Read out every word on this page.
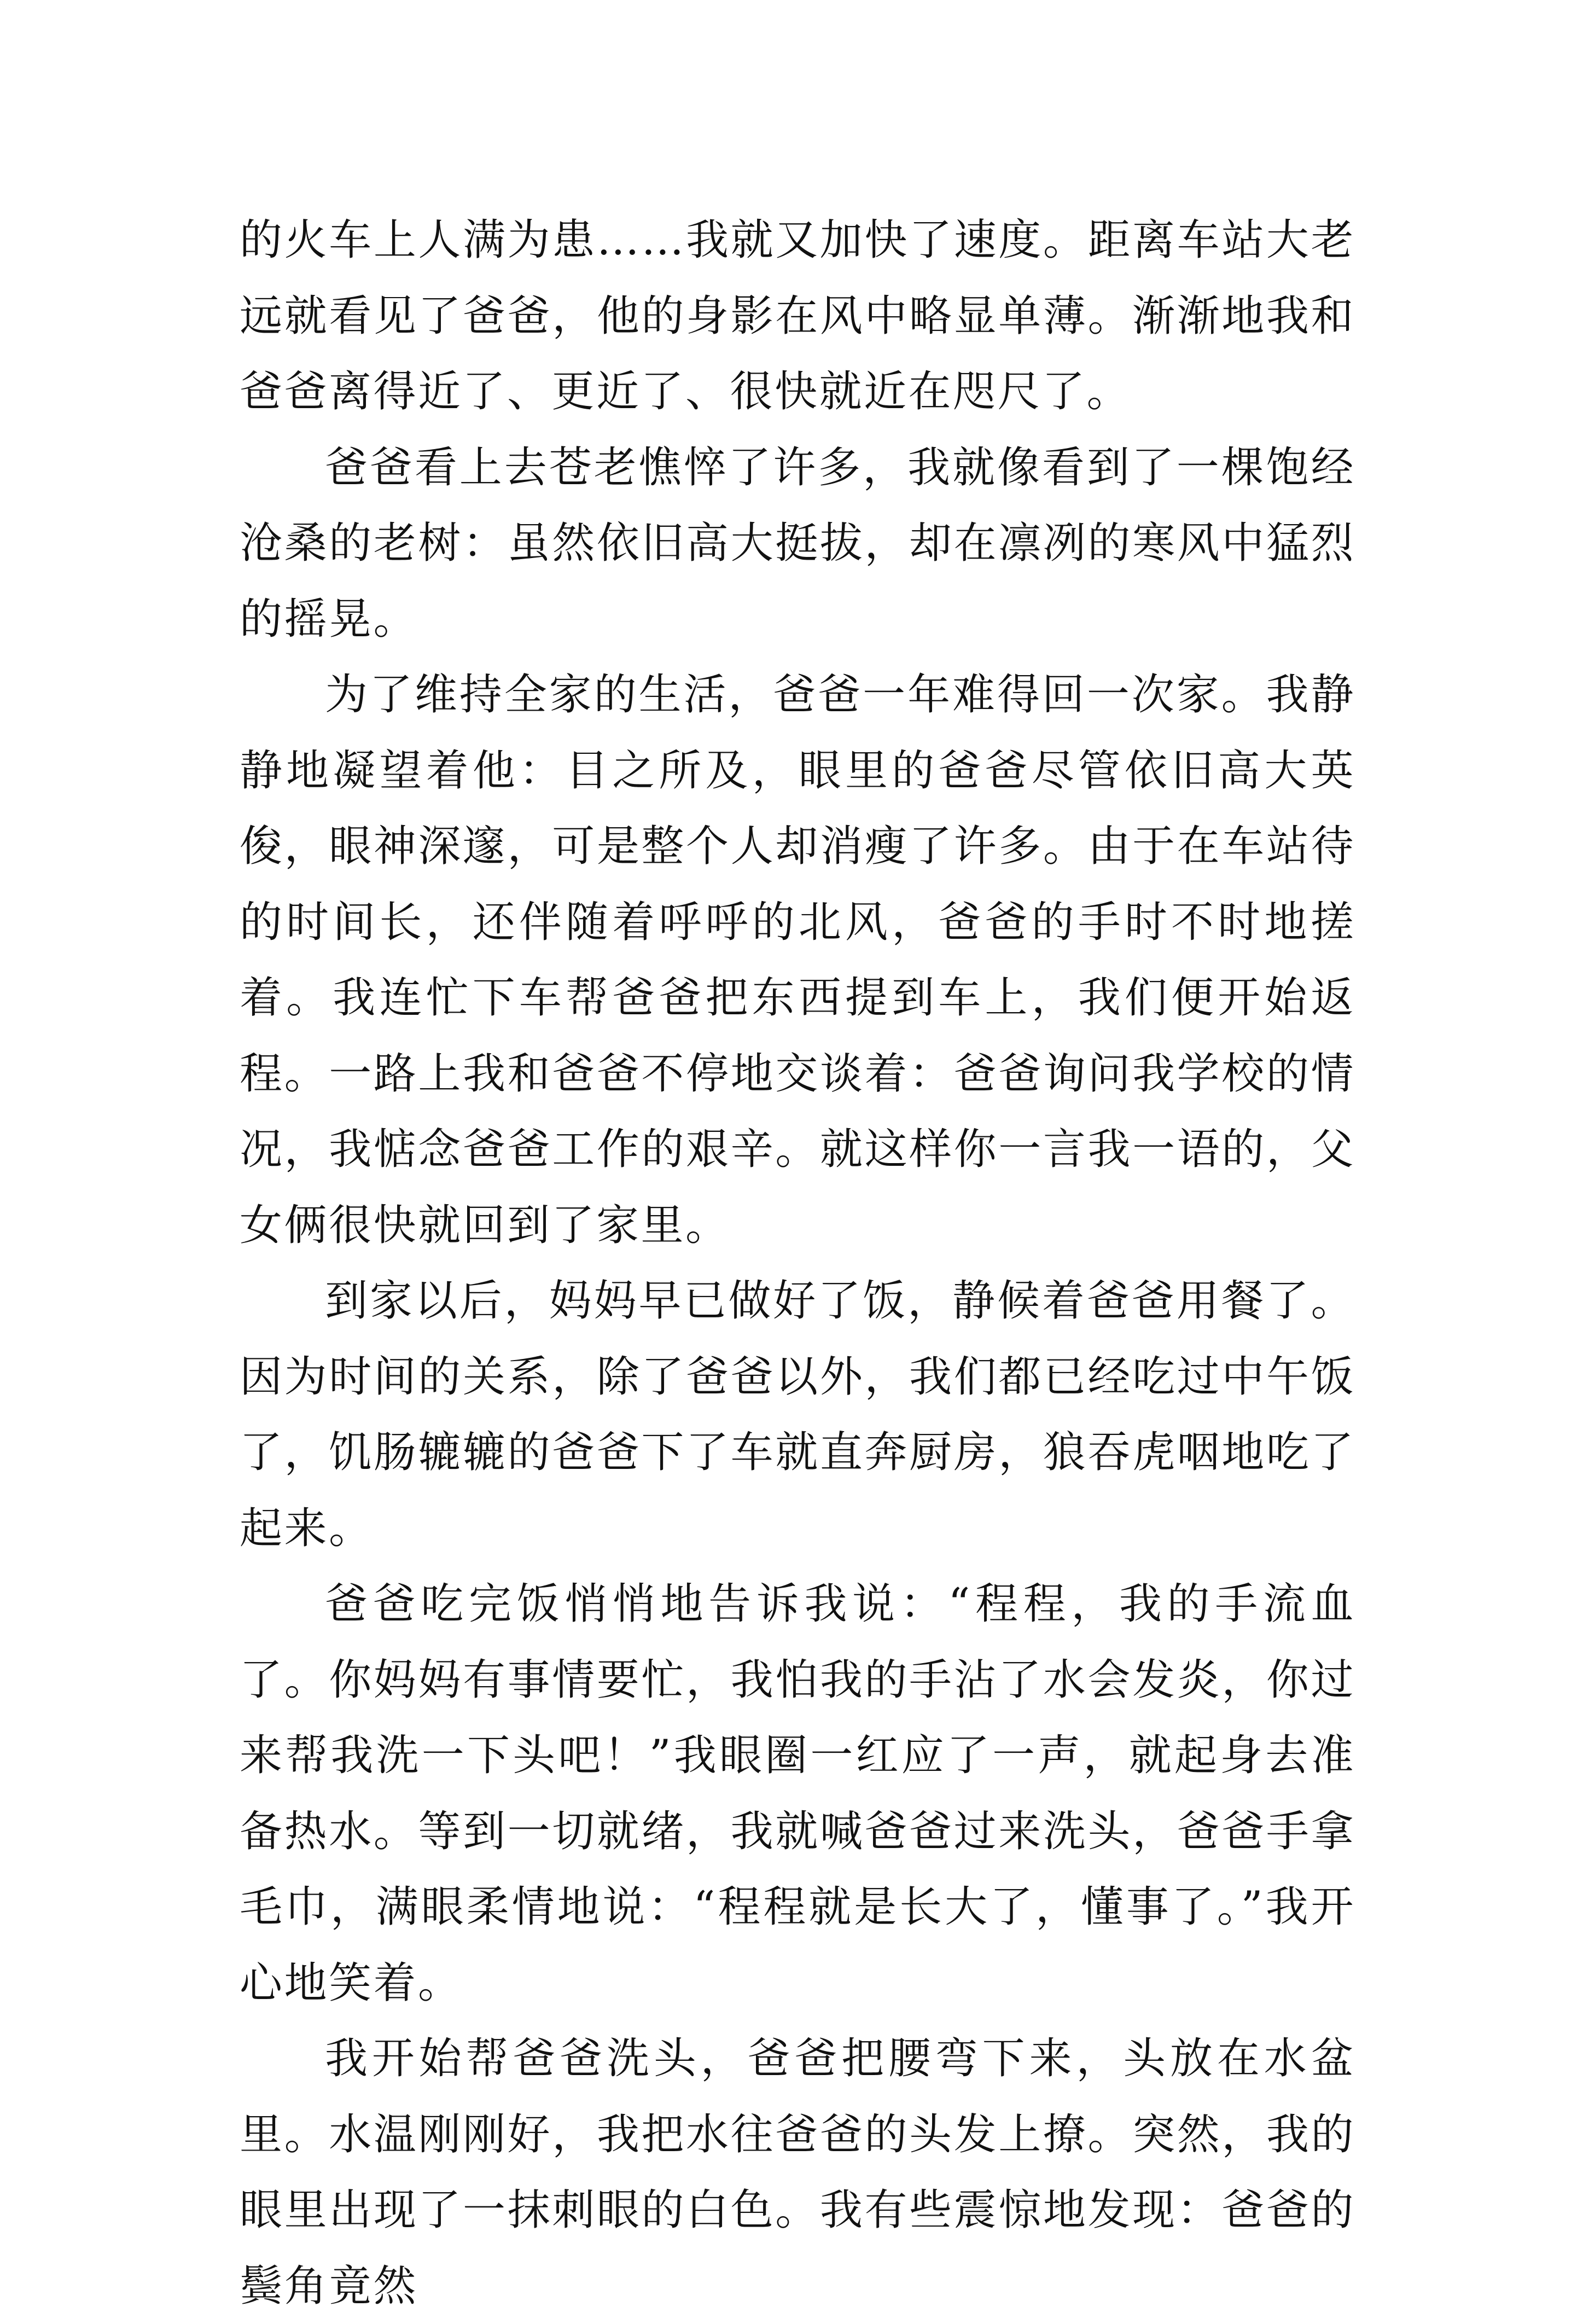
的火车上人满为患……我就又加快了速度。距离车站大老远就看见了爸爸，他的身影在风中略显单薄。渐渐地我和爸爸离得近了、更近了、很快就近在咫尺了。

爸爸看上去苍老憔悴了许多，我就像看到了一棵饱经沧桑的老树：虽然依旧高大挺拔，却在凛冽的寒风中猛烈的摇晃。

为了维持全家的生活，爸爸一年难得回一次家。我静静地凝望着他：目之所及，眼里的爸爸尽管依旧高大英俊，眼神深邃，可是整个人却消瘦了许多。由于在车站待的时间长，还伴随着呼呼的北风，爸爸的手时不时地搓着。我连忙下车帮爸爸把东西提到车上，我们便开始返程。一路上我和爸爸不停地交谈着：爸爸询问我学校的情况，我惦念爸爸工作的艰辛。就这样你一言我一语的，父女俩很快就回到了家里。

到家以后，妈妈早已做好了饭，静候着爸爸用餐了。因为时间的关系，除了爸爸以外，我们都已经吃过中午饭了，饥肠辘辘的爸爸下了车就直奔厨房，狼吞虎咽地吃了起来。

爸爸吃完饭悄悄地告诉我说：“程程，我的手流血了。你妈妈有事情要忙，我怕我的手沾了水会发炎，你过来帮我洗一下头吧！”我眼圈一红应了一声，就起身去准备热水。等到一切就绪，我就喊爸爸过来洗头，爸爸手拿毛巾，满眼柔情地说：“程程就是长大了，懂事了。”我开心地笑着。

我开始帮爸爸洗头，爸爸把腰弯下来，头放在水盆里。水温刚刚好，我把水往爸爸的头发上撩。突然，我的眼里出现了一抹刺眼的白色。我有些震惊地发现：爸爸的鬓角竟然
